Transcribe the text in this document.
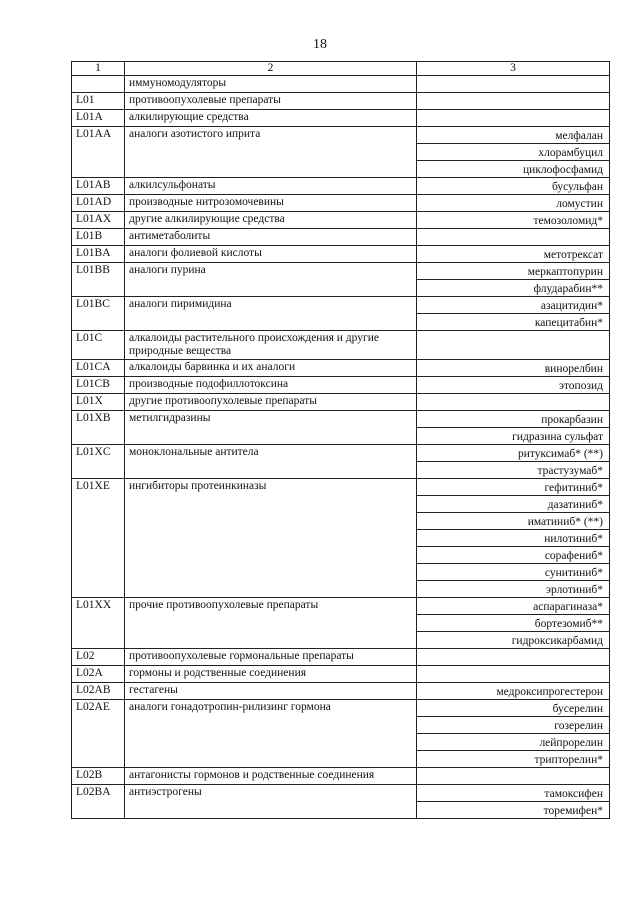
18
1	2	3
	иммуномодуляторы	
L01	противоопухолевые препараты	
L01A	алкилирующие средства	
L01AA	аналоги азотистого иприта	мелфалан
		хлорамбуцил
		циклофосфамид
L01AB	алкилсульфонаты	бусульфан
L01AD	производные нитрозомочевины	ломустин
L01AX	другие алкилирующие средства	темозоломид*
L01B	антиметаболиты	
L01BA	аналоги фолиевой кислоты	метотрексат
L01BB	аналоги пурина	меркаптопурин
		флударабин**
L01BC	аналоги пиримидина	азацитидин*
		капецитабин*
L01C	алкалоиды растительного происхождения и другие природные вещества	
L01CA	алкалоиды барвинка и их аналоги	винорелбин
L01CB	производные подофиллотоксина	этопозид
L01X	другие противоопухолевые препараты	
L01XB	метилгидразины	прокарбазин
		гидразина сульфат
L01XC	моноклональные антитела	ритуксимаб* (**)
		трастузумаб*
L01XE	ингибиторы протеинкиназы	гефитиниб*
		дазатиниб*
		иматиниб* (**)
		нилотиниб*
		сорафениб*
		сунитиниб*
		эрлотиниб*
L01XX	прочие противоопухолевые препараты	аспарагиназа*
		бортезомиб**
		гидроксикарбамид
L02	противоопухолевые гормональные препараты	
L02A	гормоны и родственные соединения	
L02AB	гестагены	медроксипрогестерон
L02AE	аналоги гонадотропин-рилизинг гормона	бусерелин
		гозерелин
		лейпрорелин
		трипторелин*
L02B	антагонисты гормонов и родственные соединения	
L02BA	антиэстрогены	тамоксифен
		торемифен*
